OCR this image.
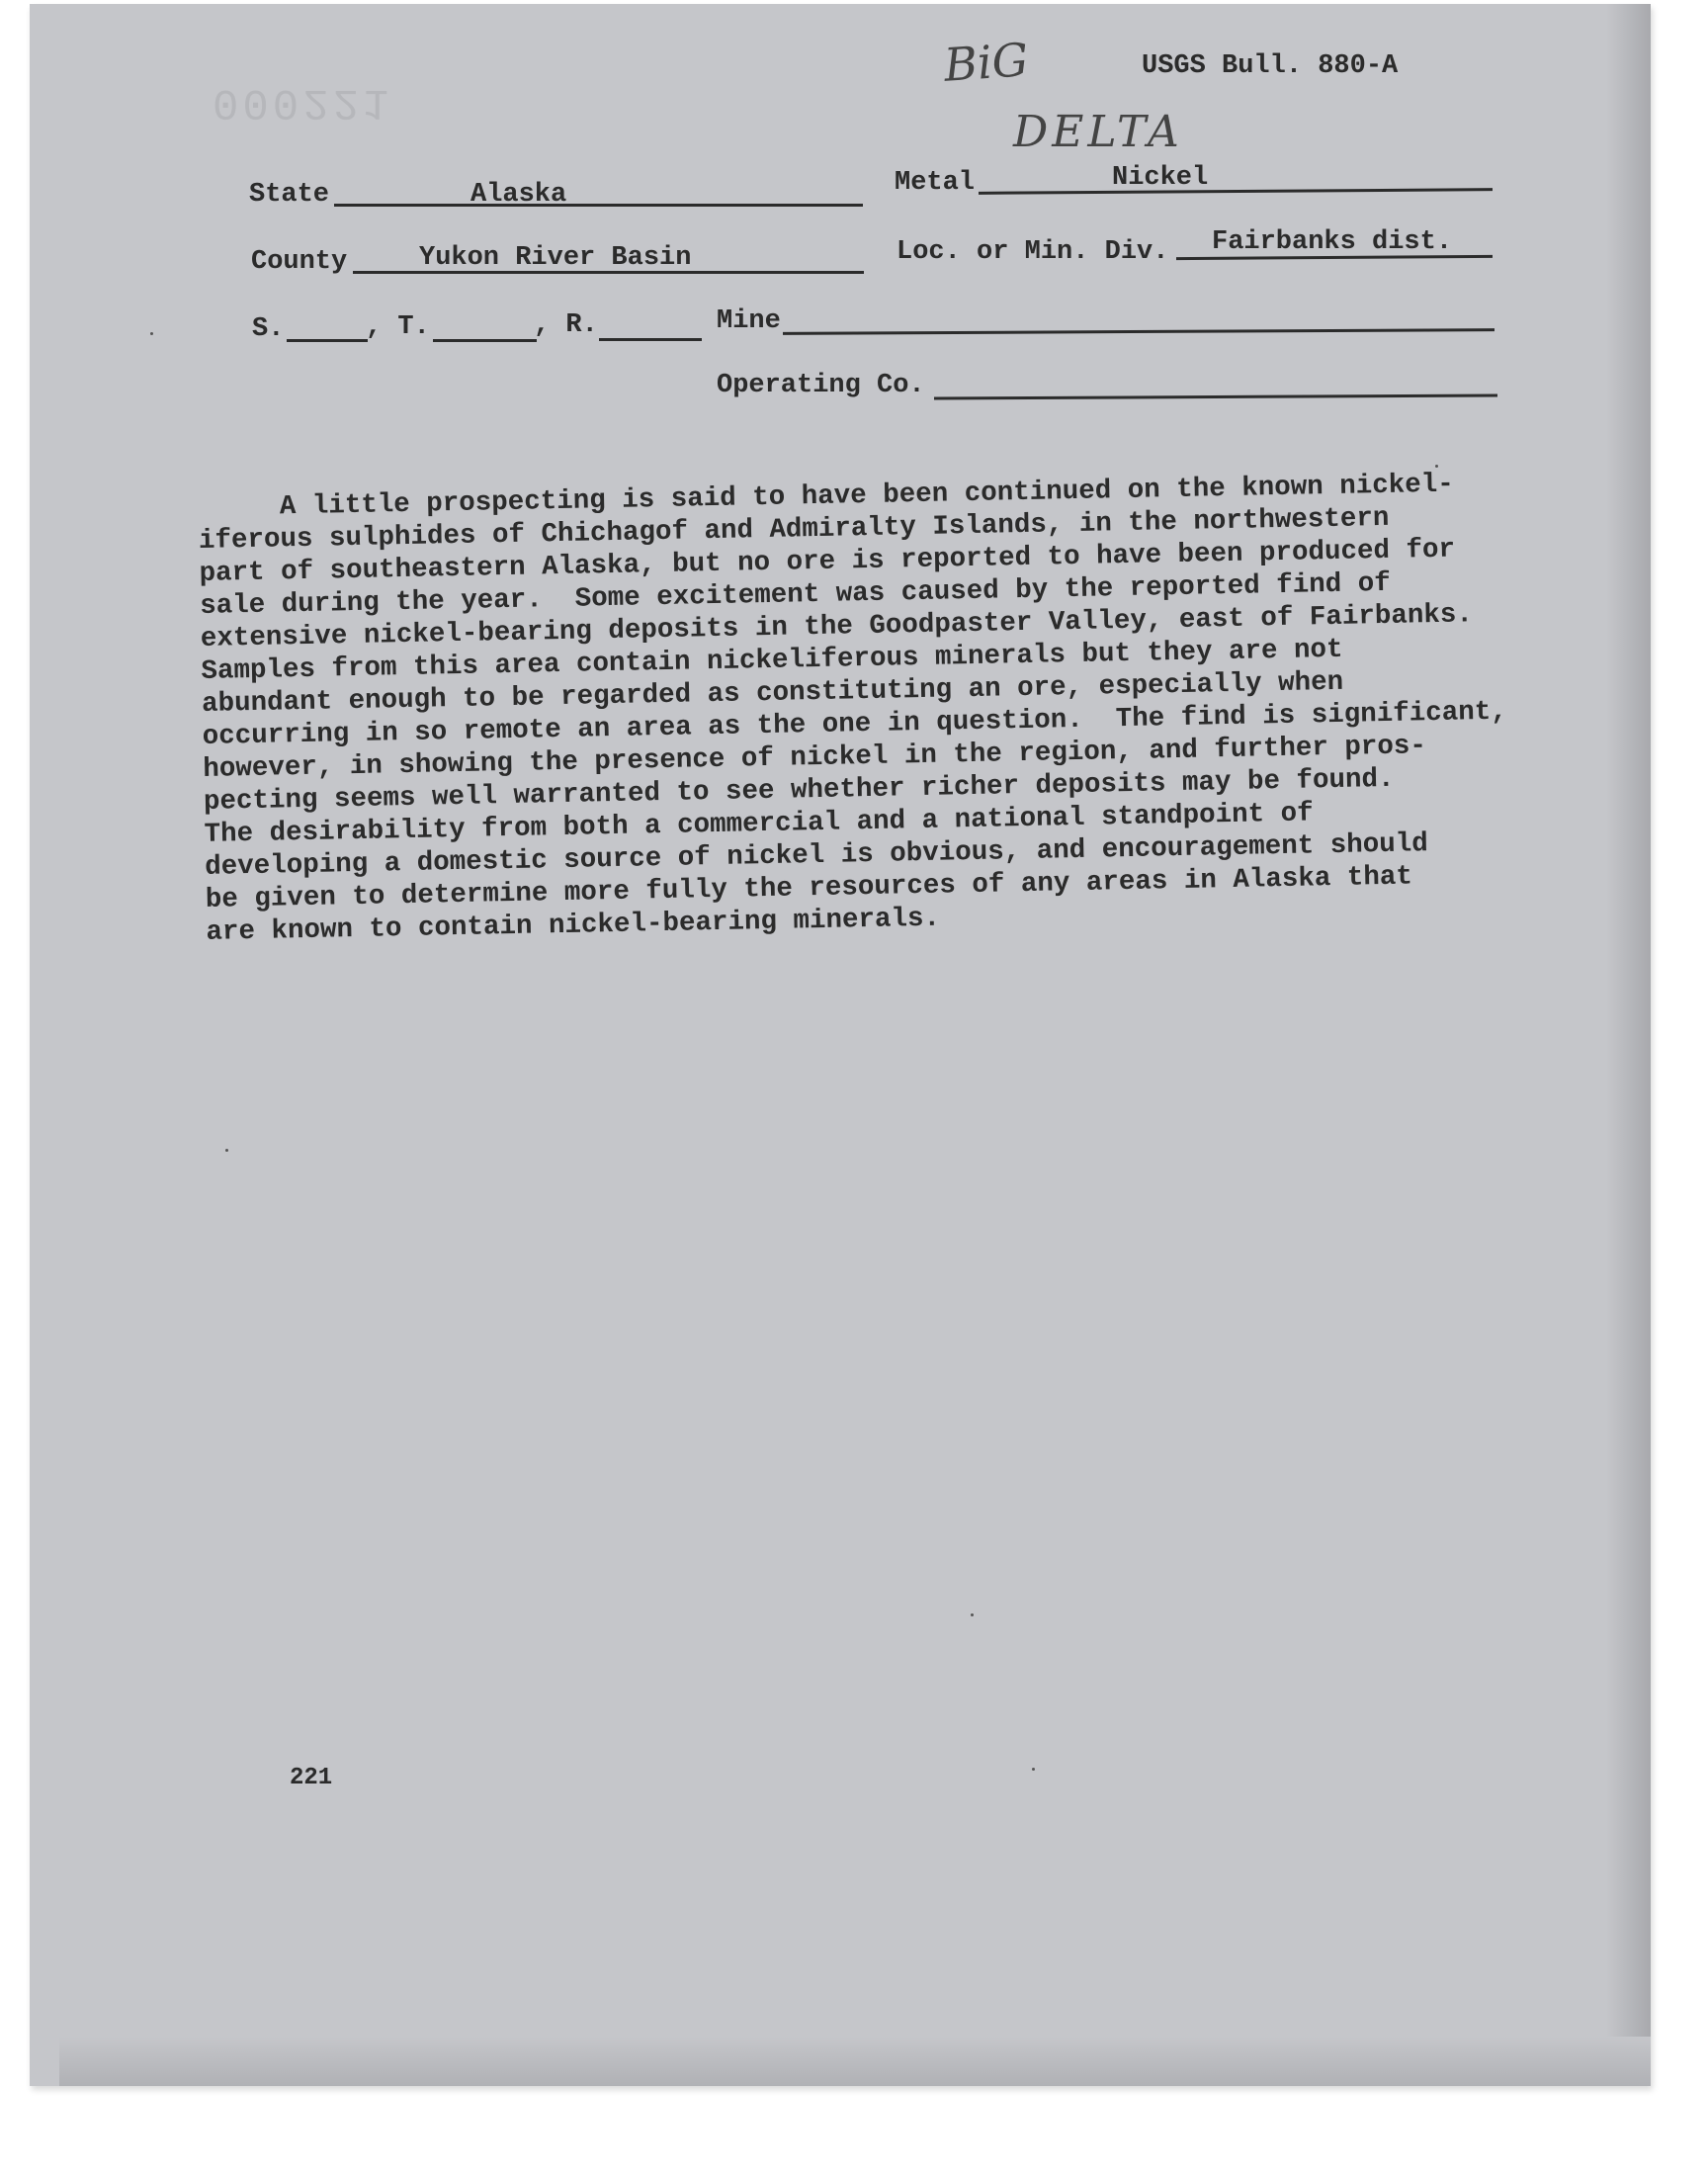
000221
BiG
DELTA
USGS Bull. 880-A
State	Alaska	Metal	Nickel
County	Yukon River Basin	Loc. or Min. Div. Fairbanks dist.
S.	, T.	, R.	Mine
Operating Co.
A little prospecting is said to have been continued on the known nickel-
iferous sulphides of Chichagof and Admiralty Islands, in the northwestern
part of southeastern Alaska, but no ore is reported to have been produced for
sale during the year.  Some excitement was caused by the reported find of
extensive nickel-bearing deposits in the Goodpaster Valley, east of Fairbanks.
Samples from this area contain nickeliferous minerals but they are not
abundant enough to be regarded as constituting an ore, especially when
occurring in so remote an area as the one in question.  The find is significant,
however, in showing the presence of nickel in the region, and further pros-
pecting seems well warranted to see whether richer deposits may be found.
The desirability from both a commercial and a national standpoint of
developing a domestic source of nickel is obvious, and encouragement should
be given to determine more fully the resources of any areas in Alaska that
are known to contain nickel-bearing minerals.
221
